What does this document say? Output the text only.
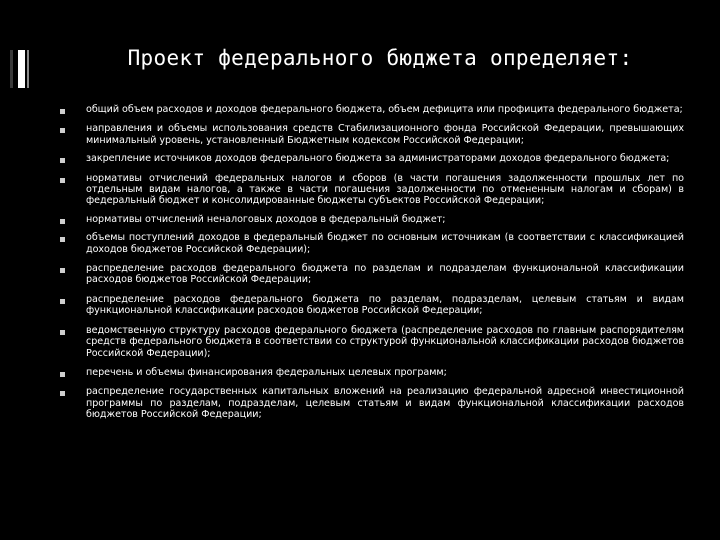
Проект федерального бюджета определяет:
общий объем расходов и доходов федерального бюджета, объем дефицита или профицита федерального бюджета;
направления и объемы использования средств Стабилизационного фонда Российской Федерации, превышающих минимальный уровень, установленный Бюджетным кодексом Российской Федерации;
закрепление источников доходов федерального бюджета за администраторами доходов федерального бюджета;
нормативы отчислений федеральных налогов и сборов (в части погашения задолженности прошлых лет по отдельным видам налогов, а также в части погашения задолженности по отмененным налогам и сборам) в федеральный бюджет и консолидированные бюджеты субъектов Российской Федерации;
нормативы отчислений неналоговых доходов в федеральный бюджет;
объемы поступлений доходов в федеральный бюджет по основным источникам (в соответствии с классификацией доходов бюджетов Российской Федерации);
распределение расходов федерального бюджета по разделам и подразделам функциональной классификации расходов бюджетов Российской Федерации;
распределение расходов федерального бюджета по разделам, подразделам, целевым статьям и видам функциональной классификации расходов бюджетов Российской Федерации;
ведомственную структуру расходов федерального бюджета (распределение расходов по главным распорядителям средств федерального бюджета в соответствии со структурой функциональной классификации расходов бюджетов Российской Федерации);
перечень и объемы финансирования федеральных целевых программ;
распределение государственных капитальных вложений на реализацию федеральной адресной инвестиционной программы по разделам, подразделам, целевым статьям и видам функциональной классификации расходов бюджетов Российской Федерации;
